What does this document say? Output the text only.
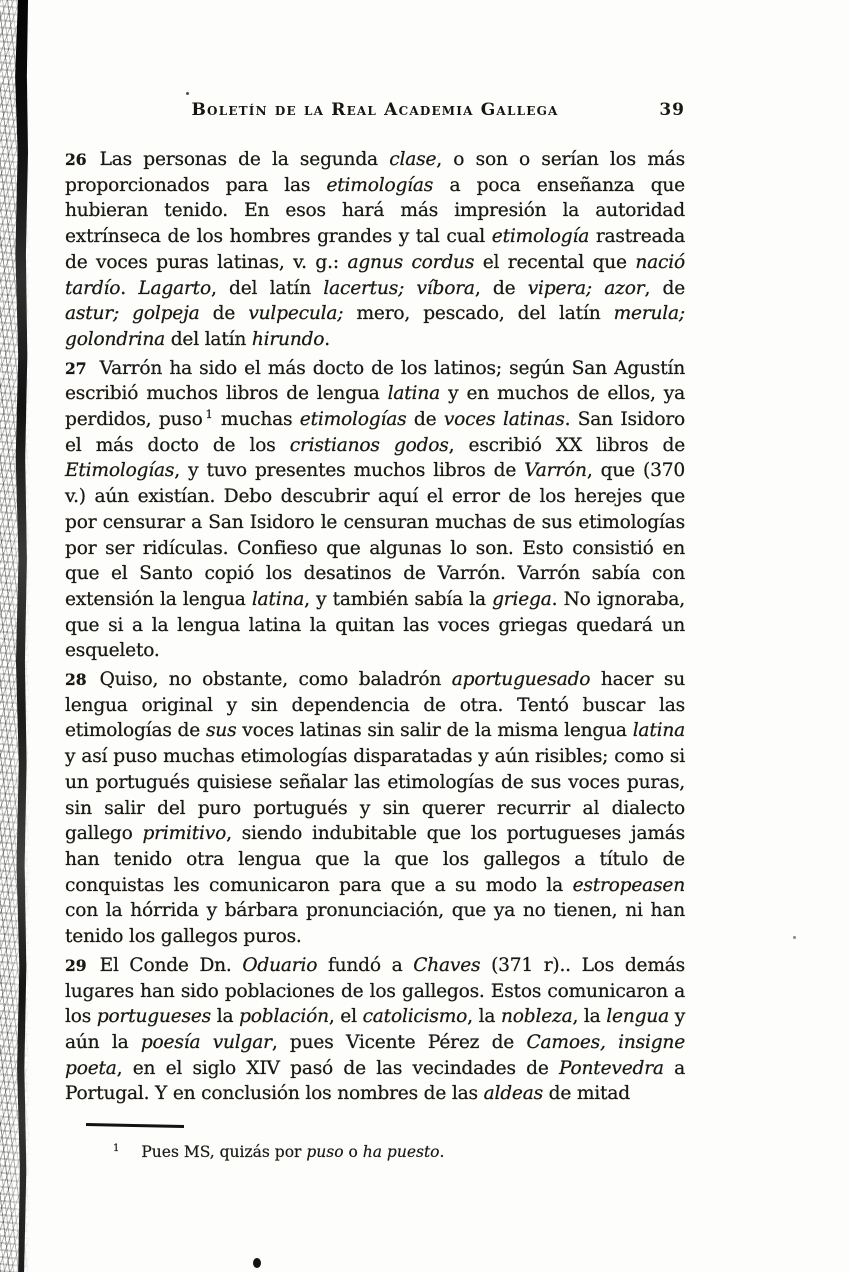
Boletín de la Real Academia Gallega	39

26 Las personas de la segunda clase, o son o serían los más proporcionados para las etimologías a poca enseñanza que hubieran tenido. En esos hará más impresión la autoridad extrínseca de los hombres grandes y tal cual etimología rastreada de voces puras latinas, v. g.: agnus cordus el recental que nació tardío. Lagarto, del latín lacertus; víbora, de vipera; azor, de astur; golpeja de vulpecula; mero, pescado, del latín merula; golondrina del latín hirundo.

27 Varrón ha sido el más docto de los latinos; según San Agustín escribió muchos libros de lengua latina y en muchos de ellos, ya perdidos, puso $^1$ muchas etimologías de voces latinas. San Isidoro el más docto de los cristianos godos, escribió XX libros de Etimologías, y tuvo presentes muchos libros de Varrón, que (370 v.) aún existían. Debo descubrir aquí el error de los herejes que por censurar a San Isidoro le censuran muchas de sus etimologías por ser ridículas. Confieso que algunas lo son. Esto consistió en que el Santo copió los desatinos de Varrón. Varrón sabía con extensión la lengua latina, y también sabía la griega. No ignoraba, que si a la lengua latina la quitan las voces griegas quedará un esqueleto.

28 Quiso, no obstante, como baladrón aportuguesado hacer su lengua original y sin dependencia de otra. Tentó buscar las etimologías de sus voces latinas sin salir de la misma lengua latina y así puso muchas etimologías disparatadas y aún risibles; como si un portugués quisiese señalar las etimologías de sus voces puras, sin salir del puro portugués y sin querer recurrir al dialecto gallego primitivo, siendo indubitable que los portugueses jamás han tenido otra lengua que la que los gallegos a título de conquistas les comunicaron para que a su modo la estropeasen con la hórrida y bárbara pronunciación, que ya no tienen, ni han tenido los gallegos puros.

29 El Conde Dn. Oduario fundó a Chaves (371 r).. Los demás lugares han sido poblaciones de los gallegos. Estos comunicaron a los portugueses la población, el catolicismo, la nobleza, la lengua y aún la poesía vulgar, pues Vicente Pérez de Camoes, insigne poeta, en el siglo XIV pasó de las vecindades de Pontevedra a Portugal. Y en conclusión los nombres de las aldeas de mitad

$^1$ Pues MS, quizás por puso o ha puesto.
